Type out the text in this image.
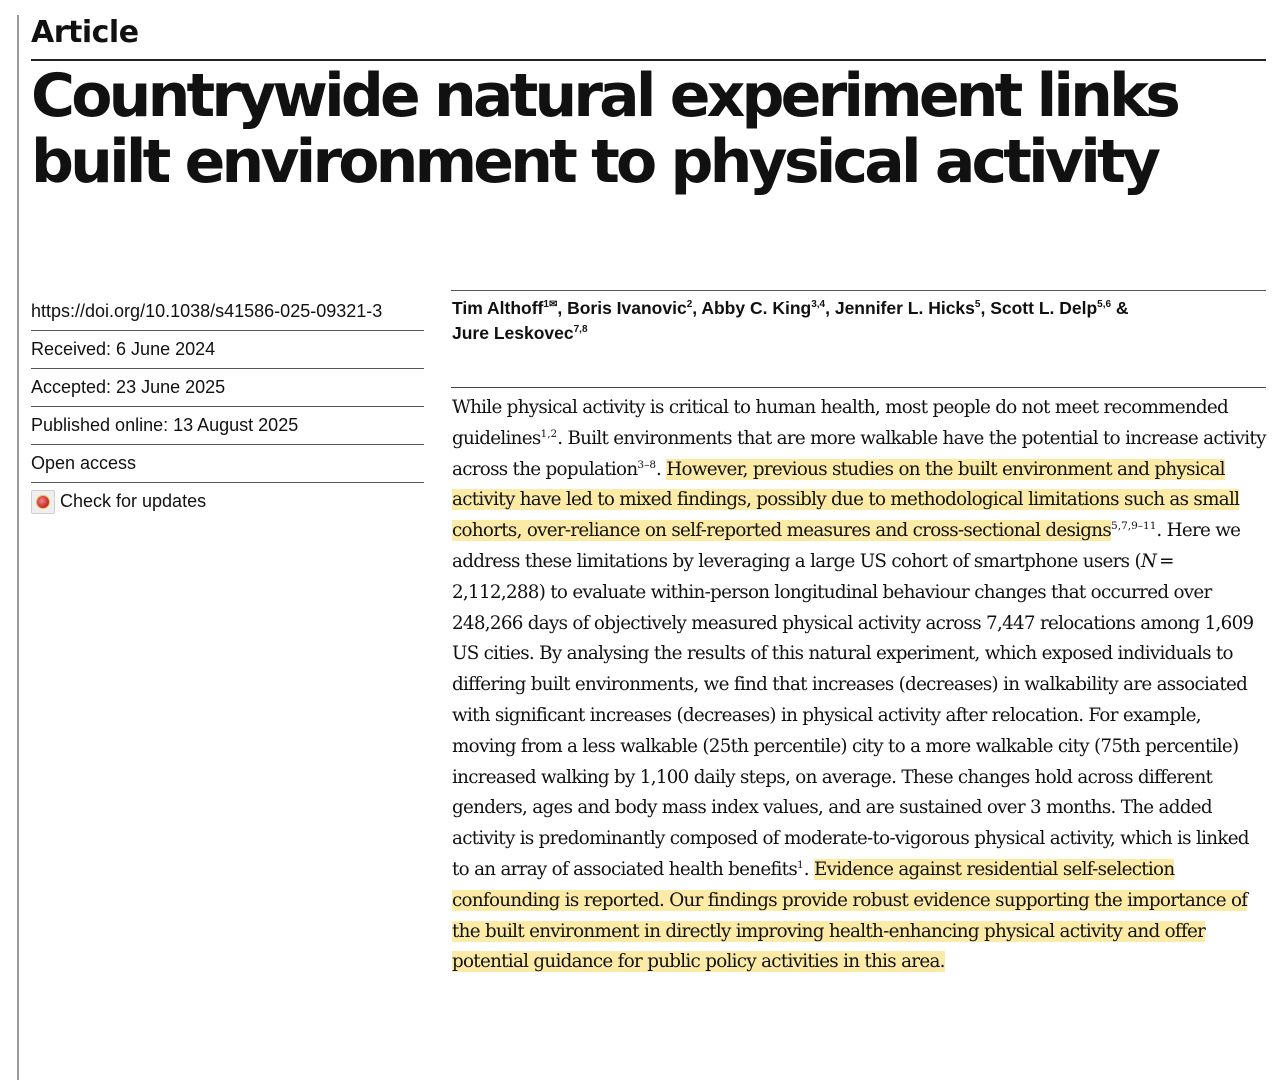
Article
Countrywide natural experiment links built environment to physical activity
https://doi.org/10.1038/s41586-025-09321-3
Received: 6 June 2024
Accepted: 23 June 2025
Published online: 13 August 2025
Open access
Check for updates
Tim Althoff$^{1✉}$, Boris Ivanovic$^2$, Abby C. King$^{3,4}$, Jennifer L. Hicks$^5$, Scott L. Delp$^{5,6}$ &
Jure Leskovec$^{7,8}$

While physical activity is critical to human health, most people do not meet recommended guidelines$^{1,2}$. Built environments that are more walkable have the potential to increase activity across the population$^{3-8}$. However, previous studies on the built environment and physical activity have led to mixed findings, possibly due to methodological limitations such as small cohorts, over-reliance on self-reported measures and cross-sectional designs$^{5,7,9-11}$. Here we address these limitations by leveraging a large US cohort of smartphone users (N = 2,112,288) to evaluate within-person longitudinal behaviour changes that occurred over 248,266 days of objectively measured physical activity across 7,447 relocations among 1,609 US cities. By analysing the results of this natural experiment, which exposed individuals to differing built environments, we find that increases (decreases) in walkability are associated with significant increases (decreases) in physical activity after relocation. For example, moving from a less walkable (25th percentile) city to a more walkable city (75th percentile) increased walking by 1,100 daily steps, on average. These changes hold across different genders, ages and body mass index values, and are sustained over 3 months. The added activity is predominantly composed of moderate-to-vigorous physical activity, which is linked to an array of associated health benefits$^1$. Evidence against residential self-selection confounding is reported. Our findings provide robust evidence supporting the importance of the built environment in directly improving health-enhancing physical activity and offer potential guidance for public policy activities in this area.
